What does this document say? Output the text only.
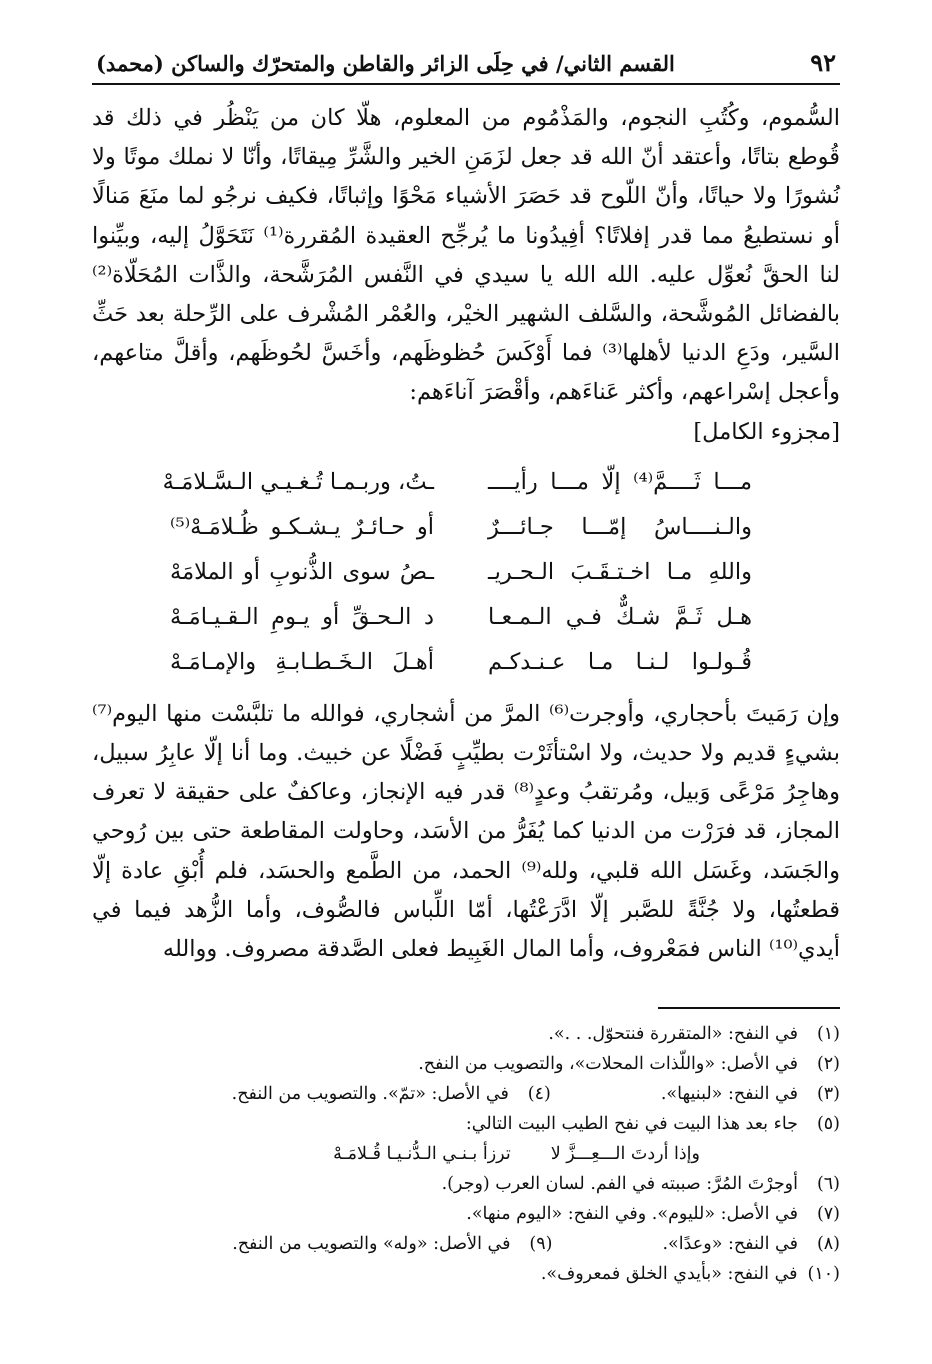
٩٢
القسم الثاني/ في حِلَى الزائر والقاطن والمتحرّك والساكن (محمد)

السُّموم، وكُتُبِ النجوم، والمَذْمُوم من المعلوم، هلّا كان من يَنْظُر في ذلك قد قُوطع بتاتًا، وأعتقد أنّ الله قد جعل لزَمَنِ الخير والشَّرِّ مِيقاتًا، وأنّا لا نملك موتًا ولا نُشورًا ولا حياتًا، وأنّ اللّوح قد حَصَرَ الأشياء مَحْوًا وإثباتًا، فكيف نرجُو لما منَعَ مَنالًا أو نستطيعُ مما قدر إفلاتًا؟ أفِيدُونا ما يُرجِّح العقيدة المُقررة⁽¹⁾ نَتَحَوَّلُ إليه، وبيِّنوا لنا الحقَّ نُعوِّل عليه. الله الله يا سيدي في النَّفس المُرَشَّحة، والذَّات المُحَلّاة⁽²⁾ بالفضائل المُوشَّحة، والسَّلف الشهير الخيْر، والعُمْر المُشْرف على الرِّحلة بعد حَثِّ السَّير، ودَعِ الدنيا لأهلها⁽³⁾ فما أَوْكَسَ حُظوظَهم، وأخَسَّ لحُوظَهم، وأقلَّ متاعهم، وأعجل إسْراعهم، وأكثر عَناءَهم، وأقْصَرَ آناءَهم:

[مجزوء الكامل]
مـــا ثَــــمَّ⁽⁴⁾ إلّا مـــا رأيــــ
ـتُ، وربـمـا تُـغـيـي الـسَّـلامَـهْ
والـنــــاسُ إمّـــا جـائـــرٌ
أو حـائـرٌ يـشـكـو ظُـلامَـهْ⁽⁵⁾
واللهِ مـا اخـتـقَـبَ الـحـريـ
ـصُ سوى الذُّنوبِ أو الملامَهْ
هـل ثَـمَّ شـكٌّ فـي الـمـعـا
د الـحـقِّ أو يـومِ الـقـيـامَـهْ
قُـولـوا لـنـا مـا عـنـدكـم
أهـلَ الـخَـطـابـةِ والإمـامَـهْ

وإن رَمَيتَ بأحجاري، وأوجرت⁽⁶⁾ المرَّ من أشجاري، فوالله ما تلبَّسْت منها اليوم⁽⁷⁾ بشيءٍ قديم ولا حديث، ولا اسْتأثَرْت بطيِّبٍ فَضْلًا عن خبيث. وما أنا إلّا عابِرُ سبيل، وهاجِرُ مَرْعًى وَبيل، ومُرتقبُ وعدٍ⁽⁸⁾ قدر فيه الإنجاز، وعاكفٌ على حقيقة لا تعرف المجاز، قد فرَرْت من الدنيا كما يُفَرُّ من الأسَد، وحاولت المقاطعة حتى بين رُوحي والجَسَد، وغَسَل الله قلبي، ولله⁽⁹⁾ الحمد، من الطَّمع والحسَد، فلم أُبْقِ عادة إلّا قطعتُها، ولا جُنَّةً للصَّبر إلّا ادَّرَعْتُها، أمّا اللِّباس فالصُّوف، وأما الزُّهد فيما في أيدي⁽¹⁰⁾ الناس فمَعْروف، وأما المال الغَبِيط فعلى الصَّدقة مصروف. ووالله

(١)
في النفح: «المتقررة فنتحوّل. . .».
(٢)
في الأصل: «واللّذات المحلات»، والتصويب من النفح.
(٣)
في النفح: «لبنيها».
(٤)
في الأصل: «تمّ». والتصويب من النفح.
(٥)
جاء بعد هذا البيت في نفح الطيب البيت التالي:
وإذا أردتَ الـــعِـــزَّ لا
ترزأ بـنـي الـدُّنـيـا قُـلامَـهْ
(٦)
أوجرْتَ المُرَّ: صببته في الفم. لسان العرب (وجر).
(٧)
في الأصل: «لليوم». وفي النفح: «اليوم منها».
(٨)
في النفح: «وعدًا».
(٩)
في الأصل: «وله» والتصويب من النفح.
(١٠)
في النفح: «بأيدي الخلق فمعروف».
